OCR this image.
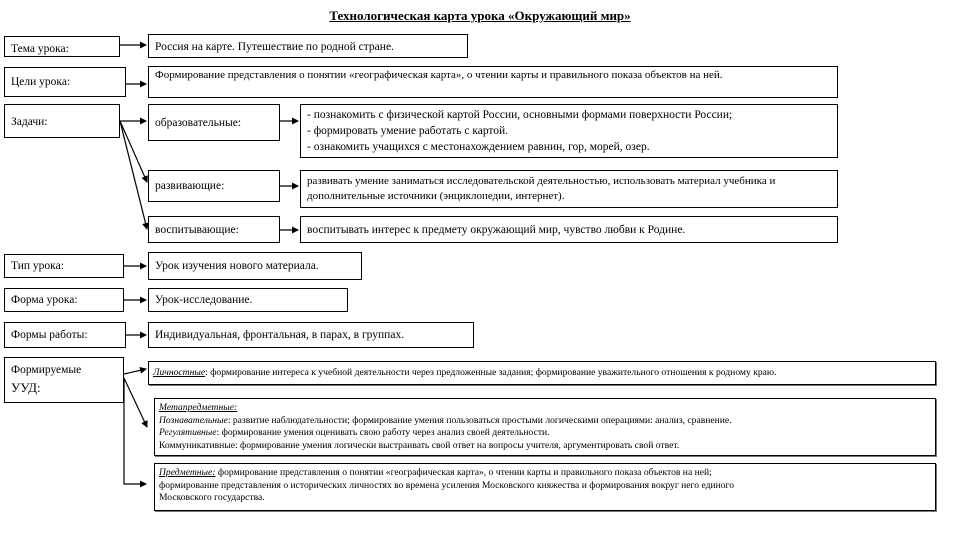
Технологическая карта урока «Окружающий мир»
Тема урока:	Россия на карте. Путешествие по родной стране.
Цели урока:
Формирование представления о понятии «географическая карта», о чтении карты и правильного показа объектов на ней.
Задачи:	образовательные:
- познакомить с физической картой России, основными формами поверхности России;
- формировать умение работать с картой.
- ознакомить учащихся с местонахождением равнин, гор, морей, озер.
развивающие:	развивать умение заниматься исследовательской деятельностью, использовать материал учебника и дополнительные источники (энциклопедии, интернет).
воспитывающие:	воспитывать интерес к предмету окружающий мир, чувство любви к Родине.
Тип урока:	Урок изучения нового материала.
Форма урока:	Урок-исследование.
Формы работы:	Индивидуальная, фронтальная, в парах, в группах.
Формируемые
УУД:
Личностные: формирование интереса к учебной деятельности через предложенные задания; формирование уважительного отношения к родному краю.
Метапредметные:
Познавательные: развитие наблюдательности; формирование умения пользоваться простыми логическими операциями: анализ, сравнение.
Регулятивные: формирование умения оценивать свою работу через анализ своей деятельности.
Коммуникативные: формирование умения логически выстраивать свой ответ на вопросы учителя, аргументировать свой ответ.
Предметные: формирование представления о понятии «географическая карта», о чтении карты и правильного показа объектов на ней;
формирование представления о исторических личностях во времена усиления Московского княжества и формирования вокруг него единого
Московского государства.
